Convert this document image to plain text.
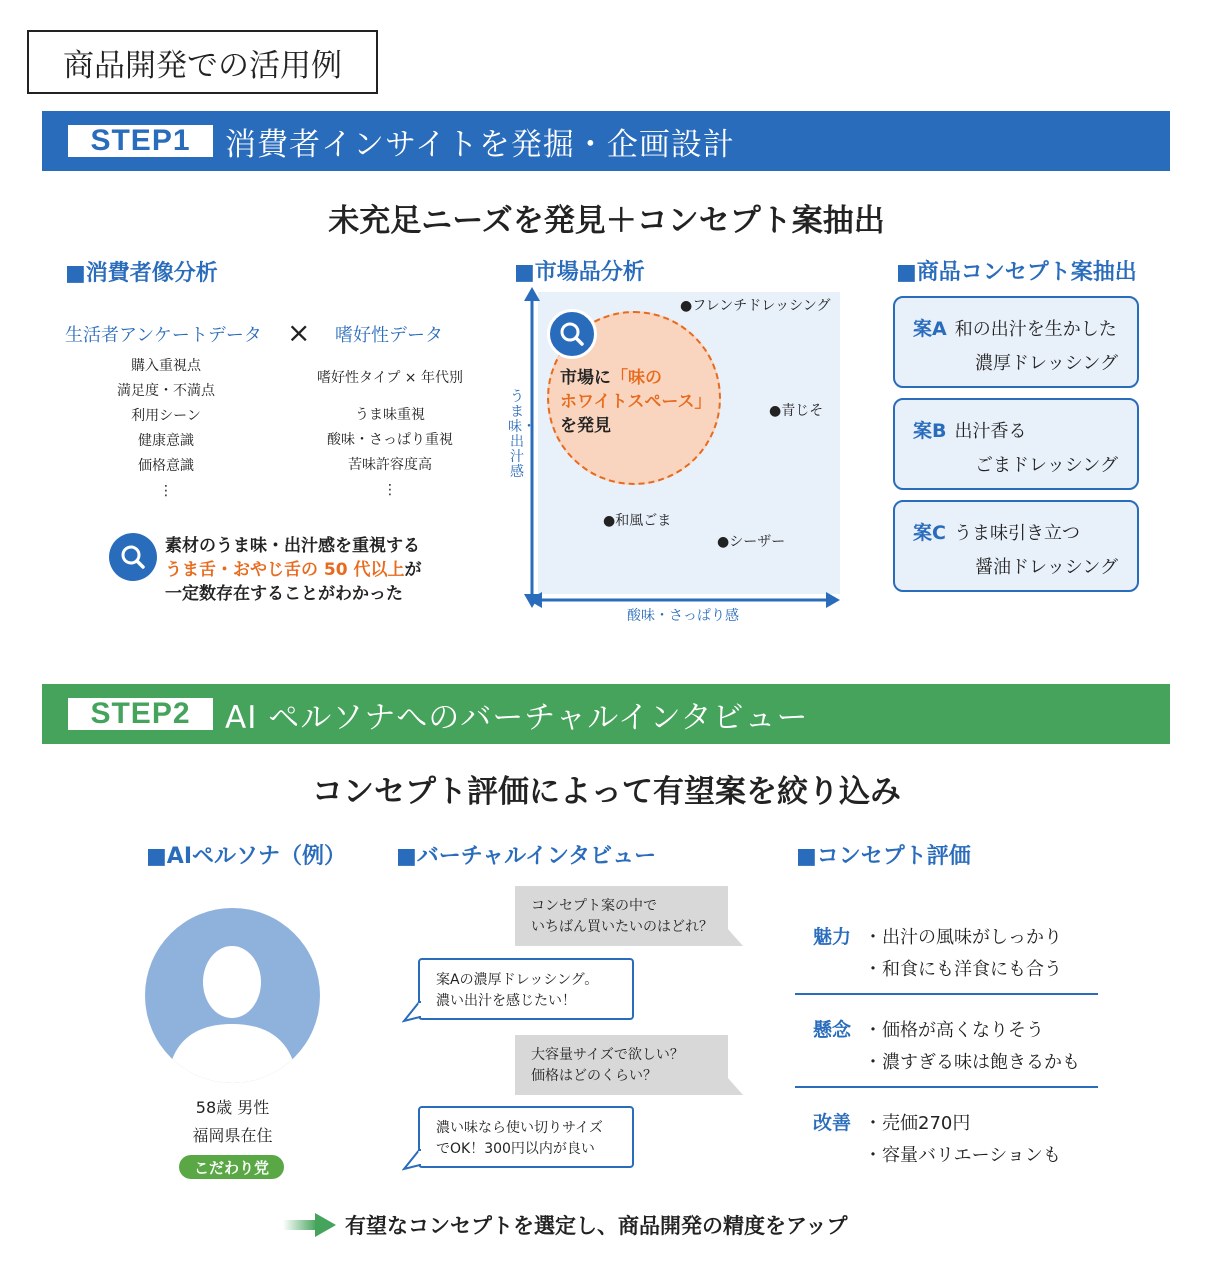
商品開発での活用例
STEP1	消費者インサイトを発掘・企画設計
未充足ニーズを発見＋コンセプト案抽出
■消費者像分析
生活者アンケートデータ × 嗜好性データ
購入重視点
満足度・不満点
利用シーン
健康意識
価格意識
⋮
嗜好性タイプ × 年代別
うま味重視
酸味・さっぱり重視
苦味許容度高
⋮
素材のうま味・出汁感を重視する
うま舌・おやじ舌の 50 代以上が
一定数存在することがわかった
■市場品分析
うま味・出汁感
酸味・さっぱり感
市場に「味の
ホワイトスペース」
を発見
●フレンチドレッシング
●青じそ
●和風ごま
●シーザー
■商品コンセプト案抽出
案A 和の出汁を生かした
濃厚ドレッシング
案B 出汁香る
ごまドレッシング
案C うま味引き立つ
醤油ドレッシング
STEP2	AI ペルソナへのバーチャルインタビュー
コンセプト評価によって有望案を絞り込み
■AIペルソナ（例）
58歳 男性
福岡県在住
こだわり党
■バーチャルインタビュー
コンセプト案の中で
いちばん買いたいのはどれ？
案Aの濃厚ドレッシング。
濃い出汁を感じたい！
大容量サイズで欲しい？
価格はどのくらい？
濃い味なら使い切りサイズ
でOK！300円以内が良い
■コンセプト評価
魅力 ・出汁の風味がしっかり
・和食にも洋食にも合う
懸念 ・価格が高くなりそう
・濃すぎる味は飽きるかも
改善 ・売価270円
・容量バリエーションも
有望なコンセプトを選定し、商品開発の精度をアップ
